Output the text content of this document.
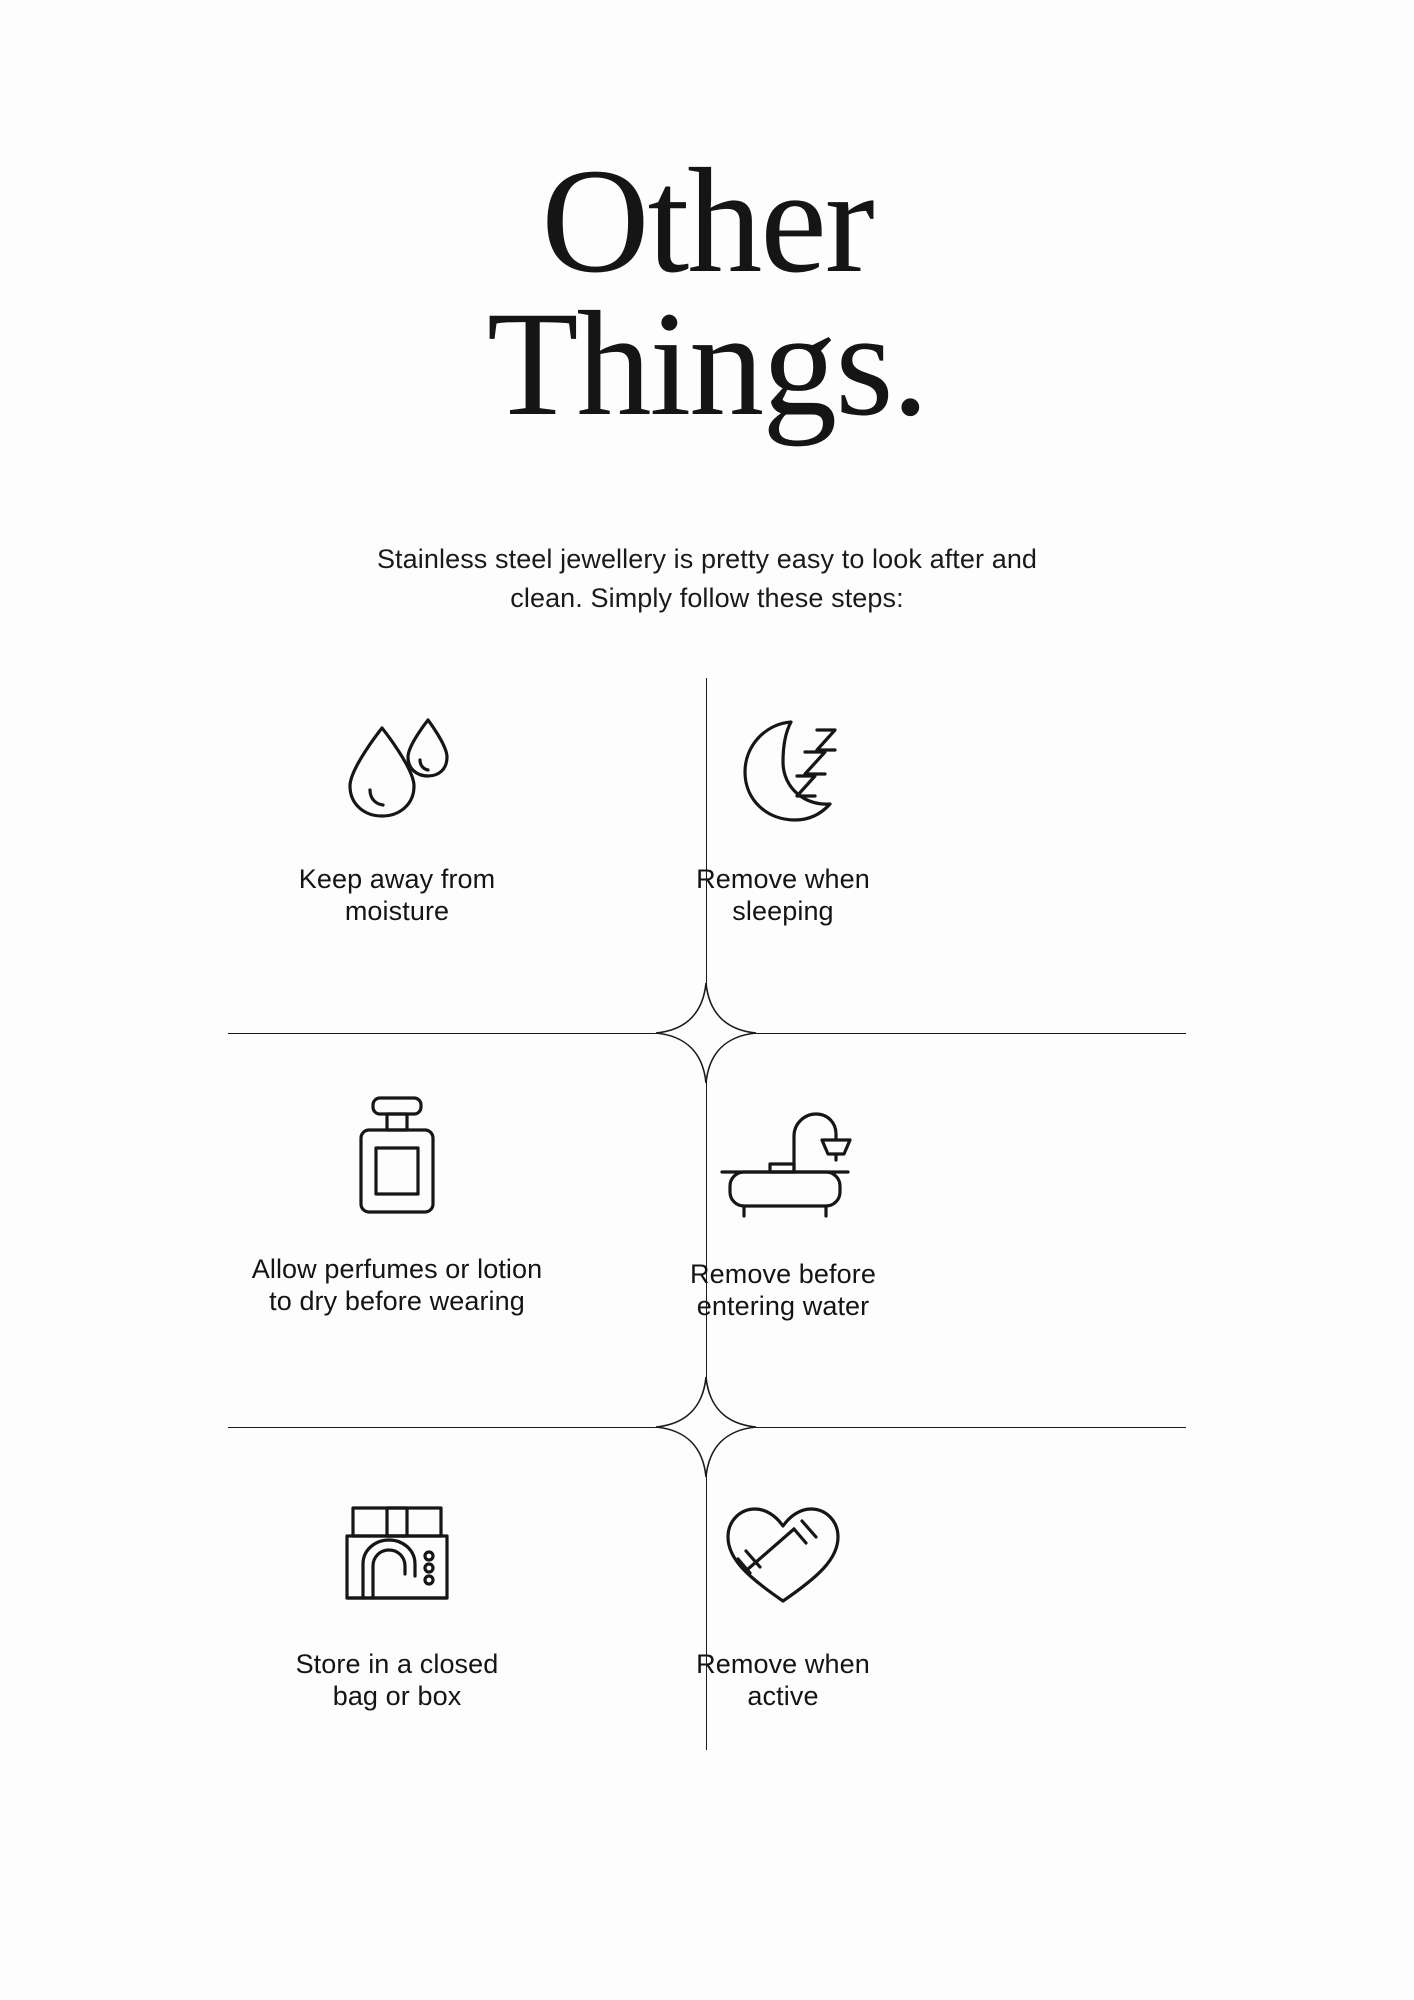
Other
Things.
Stainless steel jewellery is pretty easy to look after and clean. Simply follow these steps:
Keep away from
moisture
Remove when
sleeping
Allow perfumes or lotion
to dry before wearing
Remove before
entering water
Store in a closed
bag or box
Remove when
active
